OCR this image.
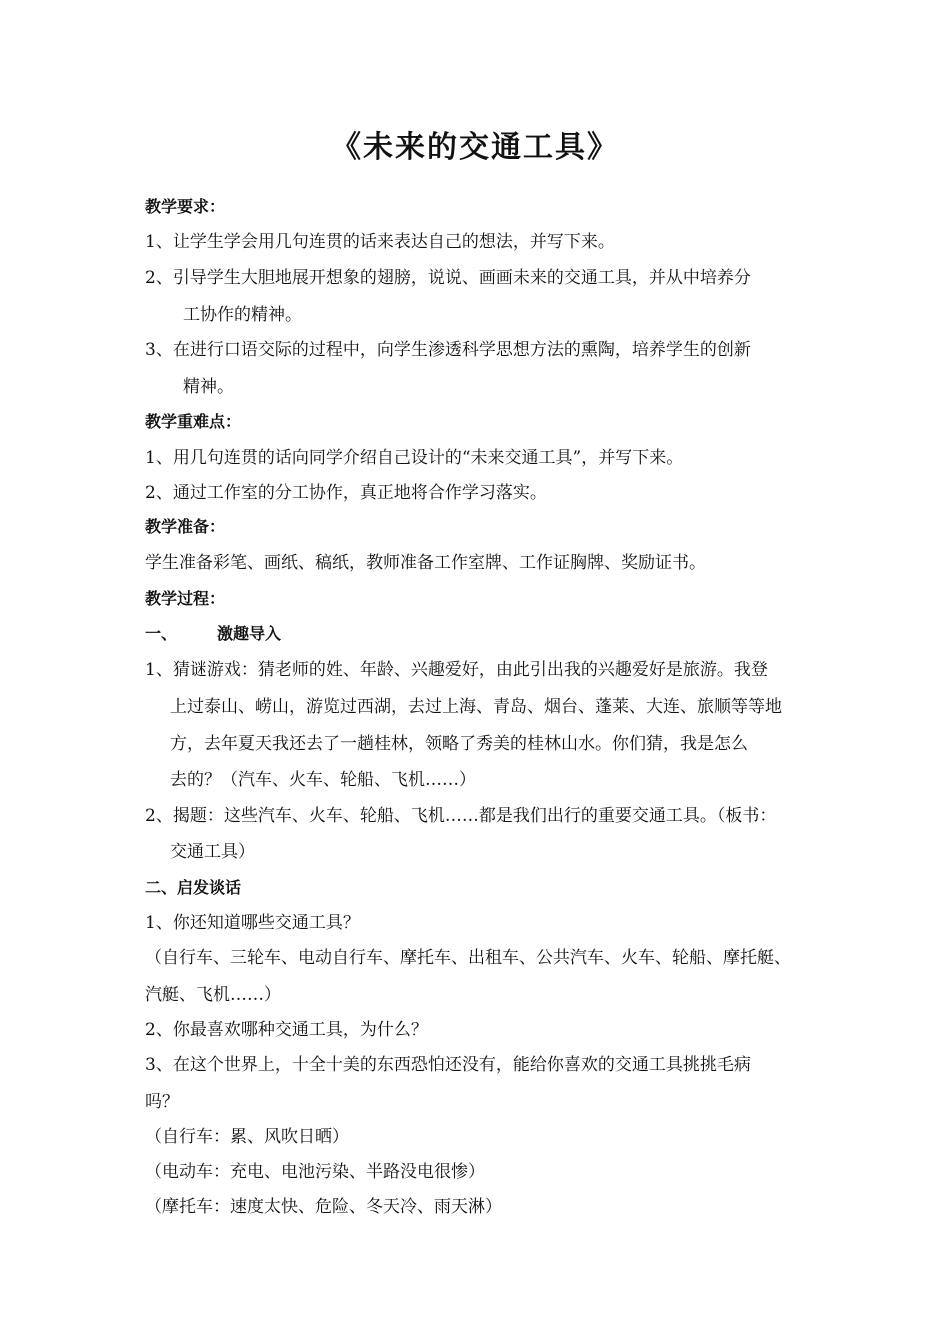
《未来的交通工具》
教学要求：
1、让学生学会用几句连贯的话来表达自己的想法，并写下来。
2、引导学生大胆地展开想象的翅膀，说说、画画未来的交通工具，并从中培养分
工协作的精神。
3、在进行口语交际的过程中，向学生渗透科学思想方法的熏陶，培养学生的创新
精神。
教学重难点：
1、用几句连贯的话向同学介绍自己设计的“未来交通工具”，并写下来。
2、通过工作室的分工协作，真正地将合作学习落实。
教学准备：
学生准备彩笔、画纸、稿纸，教师准备工作室牌、工作证胸牌、奖励证书。
教学过程：
一、	激趣导入
1、猜谜游戏：猜老师的姓、年龄、兴趣爱好，由此引出我的兴趣爱好是旅游。我登
上过泰山、崂山，游览过西湖，去过上海、青岛、烟台、蓬莱、大连、旅顺等等地
方，去年夏天我还去了一趟桂林，领略了秀美的桂林山水。你们猜，我是怎么
去的？（汽车、火车、轮船、飞机……）
2、揭题：这些汽车、火车、轮船、飞机……都是我们出行的重要交通工具。（板书：
交通工具）
二、启发谈话
1、你还知道哪些交通工具？
（自行车、三轮车、电动自行车、摩托车、出租车、公共汽车、火车、轮船、摩托艇、
汽艇、飞机……）
2、你最喜欢哪种交通工具，为什么？
3、在这个世界上，十全十美的东西恐怕还没有，能给你喜欢的交通工具挑挑毛病
吗？
（自行车：累、风吹日晒）
（电动车：充电、电池污染、半路没电很惨）
（摩托车：速度太快、危险、冬天冷、雨天淋）
